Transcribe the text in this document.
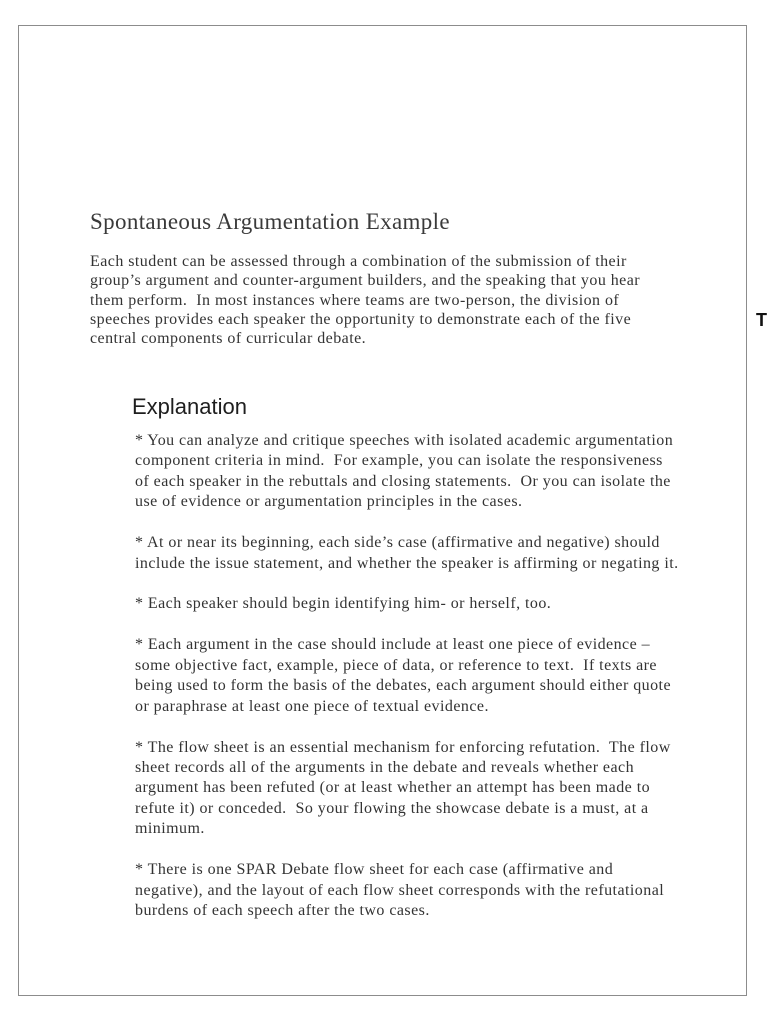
Spontaneous Argumentation Example
Each student can be assessed through a combination of the submission of their
group’s argument and counter-argument builders, and the speaking that you hear
them perform.  In most instances where teams are two-person, the division of
speeches provides each speaker the opportunity to demonstrate each of the five
central components of curricular debate.
Explanation
* You can analyze and critique speeches with isolated academic argumentation
component criteria in mind.  For example, you can isolate the responsiveness
of each speaker in the rebuttals and closing statements.  Or you can isolate the
use of evidence or argumentation principles in the cases.
* At or near its beginning, each side’s case (affirmative and negative) should
include the issue statement, and whether the speaker is affirming or negating it.
* Each speaker should begin identifying him- or herself, too.
* Each argument in the case should include at least one piece of evidence –
some objective fact, example, piece of data, or reference to text.  If texts are
being used to form the basis of the debates, each argument should either quote
or paraphrase at least one piece of textual evidence.
* The flow sheet is an essential mechanism for enforcing refutation.  The flow
sheet records all of the arguments in the debate and reveals whether each
argument has been refuted (or at least whether an attempt has been made to
refute it) or conceded.  So your flowing the showcase debate is a must, at a
minimum.
* There is one SPAR Debate flow sheet for each case (affirmative and
negative), and the layout of each flow sheet corresponds with the refutational
burdens of each speech after the two cases.
T
